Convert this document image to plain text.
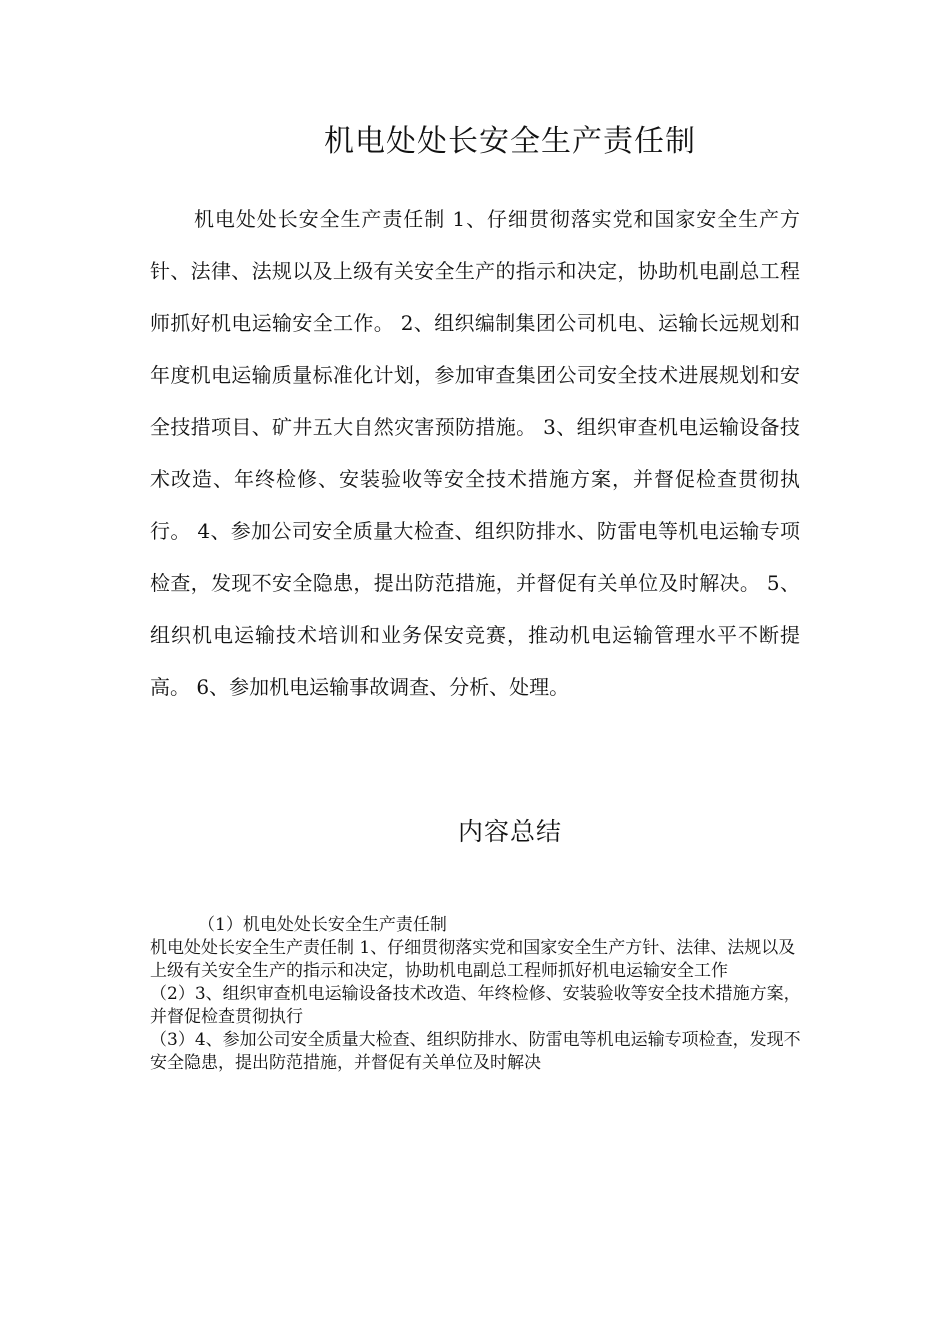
机电处处长安全生产责任制

机电处处长安全生产责任制 1、仔细贯彻落实党和国家安全生产方针、法律、法规以及上级有关安全生产的指示和决定，协助机电副总工程师抓好机电运输安全工作。 2、组织编制集团公司机电、运输长远规划和年度机电运输质量标准化计划，参加审查集团公司安全技术进展规划和安全技措项目、矿井五大自然灾害预防措施。 3、组织审查机电运输设备技术改造、年终检修、安装验收等安全技术措施方案，并督促检查贯彻执行。 4、参加公司安全质量大检查、组织防排水、防雷电等机电运输专项检查，发现不安全隐患，提出防范措施，并督促有关单位及时解决。 5、组织机电运输技术培训和业务保安竞赛，推动机电运输管理水平不断提高。 6、参加机电运输事故调查、分析、处理。

内容总结

（1）机电处处长安全生产责任制

机电处处长安全生产责任制 1、仔细贯彻落实党和国家安全生产方针、法律、法规以及上级有关安全生产的指示和决定，协助机电副总工程师抓好机电运输安全工作

（2）3、组织审查机电运输设备技术改造、年终检修、安装验收等安全技术措施方案，并督促检查贯彻执行

（3）4、参加公司安全质量大检查、组织防排水、防雷电等机电运输专项检查，发现不安全隐患，提出防范措施，并督促有关单位及时解决
